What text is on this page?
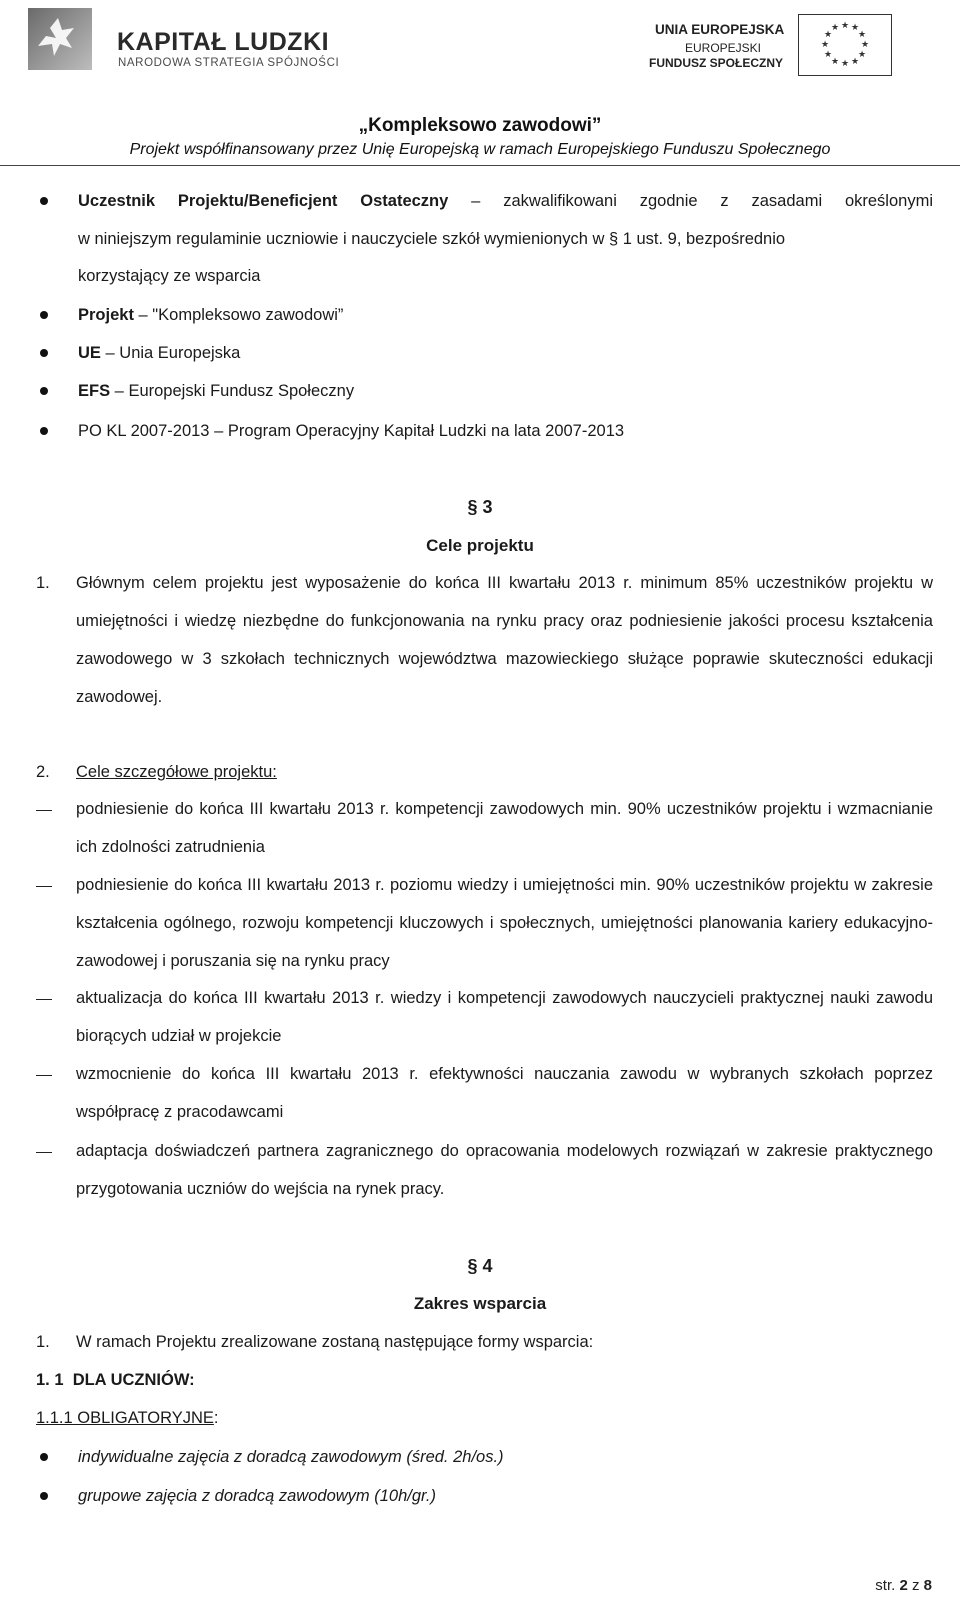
KAPITAŁ LUDZKI
NARODOWA STRATEGIA SPÓJNOŚCI
UNIA EUROPEJSKA
EUROPEJSKI
FUNDUSZ SPOŁECZNY
★ ★
★
★
★
★
★
★
★
★
★
★
„Kompleksowo zawodowi”
Projekt współfinansowany przez Unię Europejską w ramach Europejskiego Funduszu Społecznego
Uczestnik Projektu/Beneficjent Ostateczny – zakwalifikowani zgodnie z zasadami określonymi
w niniejszym regulaminie uczniowie i nauczyciele szkół wymienionych w § 1 ust. 9, bezpośrednio
korzystający ze wsparcia
Projekt – "Kompleksowo zawodowi”
UE – Unia Europejska
EFS – Europejski Fundusz Społeczny
PO KL 2007-2013 – Program Operacyjny Kapitał Ludzki na lata 2007-2013
§ 3
Cele projektu
1.	Głównym celem projektu jest wyposażenie do końca III kwartału 2013 r. minimum 85% uczestników projektu w umiejętności i wiedzę niezbędne do funkcjonowania na rynku pracy oraz podniesienie jakości procesu kształcenia zawodowego w 3 szkołach technicznych województwa mazowieckiego służące poprawie skuteczności edukacji zawodowej.
2.	Cele szczegółowe projektu:
podniesienie do końca III kwartału 2013 r. kompetencji zawodowych min. 90% uczestników projektu i wzmacnianie ich zdolności zatrudnienia
podniesienie do końca III kwartału 2013 r. poziomu wiedzy i umiejętności min. 90% uczestników projektu w zakresie kształcenia ogólnego, rozwoju kompetencji kluczowych i społecznych, umiejętności planowania kariery edukacyjno-zawodowej i poruszania się na rynku pracy
aktualizacja do końca III kwartału 2013 r. wiedzy i kompetencji zawodowych nauczycieli praktycznej nauki zawodu biorących udział w projekcie
wzmocnienie do końca III kwartału 2013 r. efektywności nauczania zawodu w wybranych szkołach poprzez współpracę z pracodawcami
adaptacja doświadczeń partnera zagranicznego do opracowania modelowych rozwiązań w zakresie praktycznego przygotowania uczniów do wejścia na rynek pracy.
§ 4
Zakres wsparcia
1.	W ramach Projektu zrealizowane zostaną następujące formy wsparcia:
1. 1  DLA UCZNIÓW:
1.1.1 OBLIGATORYJNE:
indywidualne zajęcia z doradcą zawodowym (śred. 2h/os.)
grupowe zajęcia z doradcą zawodowym (10h/gr.)
str. 2 z 8
